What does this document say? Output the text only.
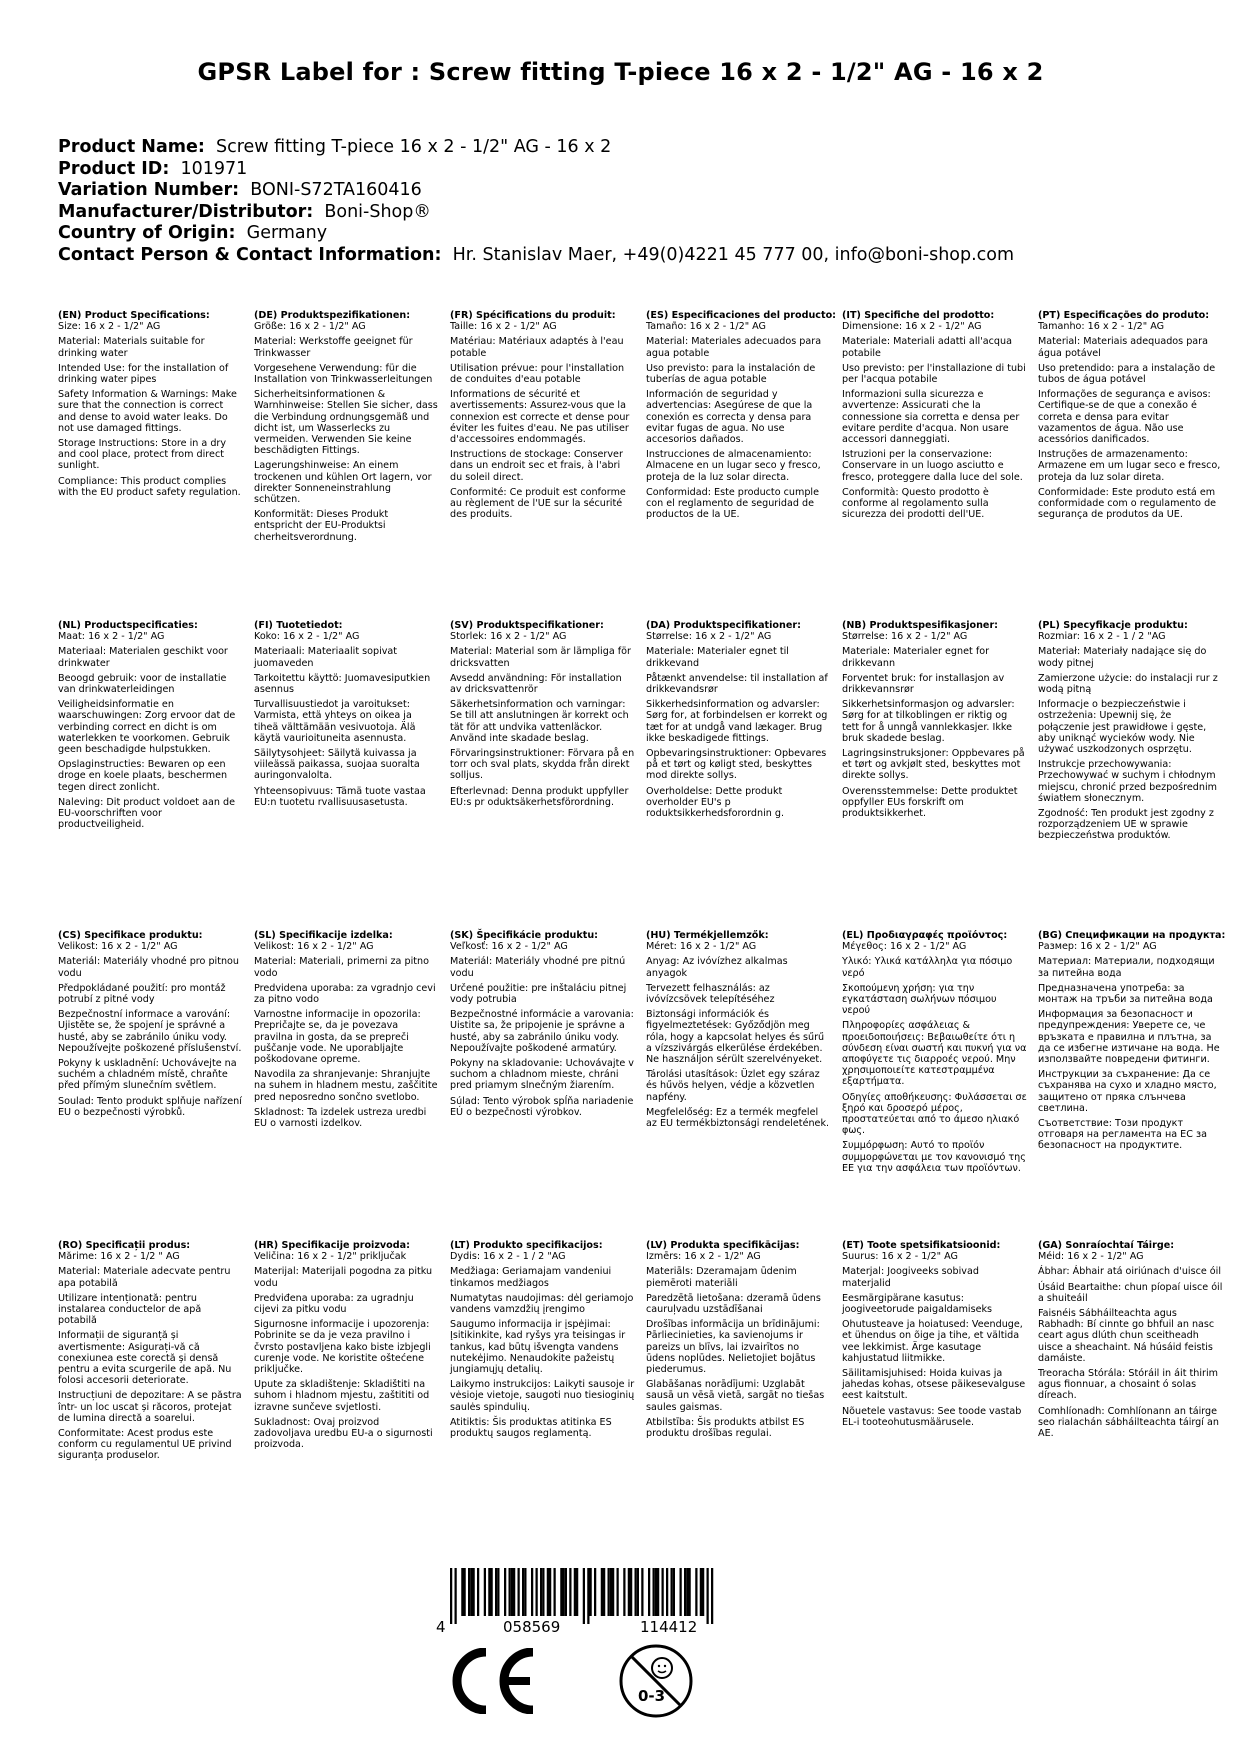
GPSR Label for : Screw fitting T-piece 16 x 2 - 1/2" AG - 16 x 2
Product Name: Screw fitting T-piece 16 x 2 - 1/2" AG - 16 x 2
Product ID: 101971
Variation Number: BONI-S72TA160416
Manufacturer/Distributor: Boni-Shop®
Country of Origin: Germany
Contact Person & Contact Information: Hr. Stanislav Maer, +49(0)4221 45 777 00, info@boni-shop.com
(EN) Product Specifications:
Size: 16 x 2 - 1/2" AG
Material: Materials suitable for drinking water
Intended Use: for the installation of drinking water pipes
Safety Information & Warnings: Make sure that the connection is correct and dense to avoid water leaks. Do not use damaged fittings.
Storage Instructions: Store in a dry and cool place, protect from direct sunlight.
Compliance: This product complies with the EU product safety regulation.
(DE) Produktspezifikationen:
Größe: 16 x 2 - 1/2" AG
Material: Werkstoffe geeignet für Trinkwasser
Vorgesehene Verwendung: für die Installation von Trinkwasserleitungen
Sicherheitsinformationen & Warnhinweise: Stellen Sie sicher, dass die Verbindung ordnungsgemäß und dicht ist, um Wasserlecks zu vermeiden. Verwenden Sie keine beschädigten Fittings.
Lagerungshinweise: An einem trockenen und kühlen Ort lagern, vor direkter Sonneneinstrahlung schützen.
Konformität: Dieses Produkt entspricht der EU-Produktsi cherheitsverordnung.
(FR) Spécifications du produit:
Taille: 16 x 2 - 1/2" AG
Matériau: Matériaux adaptés à l'eau potable
Utilisation prévue: pour l'installation de conduites d'eau potable
Informations de sécurité et avertissements: Assurez-vous que la connexion est correcte et dense pour éviter les fuites d'eau. Ne pas utiliser d'accessoires endommagés.
Instructions de stockage: Conserver dans un endroit sec et frais, à l'abri du soleil direct.
Conformité: Ce produit est conforme au règlement de l'UE sur la sécurité des produits.
(ES) Especificaciones del producto:
Tamaño: 16 x 2 - 1/2" AG
Material: Materiales adecuados para agua potable
Uso previsto: para la instalación de tuberías de agua potable
Información de seguridad y advertencias: Asegúrese de que la conexión es correcta y densa para evitar fugas de agua. No use accesorios dañados.
Instrucciones de almacenamiento: Almacene en un lugar seco y fresco, proteja de la luz solar directa.
Conformidad: Este producto cumple con el reglamento de seguridad de productos de la UE.
(IT) Specifiche del prodotto:
Dimensione: 16 x 2 - 1/2" AG
Materiale: Materiali adatti all'acqua potabile
Uso previsto: per l'installazione di tubi per l'acqua potabile
Informazioni sulla sicurezza e avvertenze: Assicurati che la connessione sia corretta e densa per evitare perdite d'acqua. Non usare accessori danneggiati.
Istruzioni per la conservazione: Conservare in un luogo asciutto e fresco, proteggere dalla luce del sole.
Conformità: Questo prodotto è conforme al regolamento sulla sicurezza dei prodotti dell'UE.
(PT) Especificações do produto:
Tamanho: 16 x 2 - 1/2" AG
Material: Materiais adequados para água potável
Uso pretendido: para a instalação de tubos de água potável
Informações de segurança e avisos: Certifique-se de que a conexão é correta e densa para evitar vazamentos de água. Não use acessórios danificados.
Instruções de armazenamento: Armazene em um lugar seco e fresco, proteja da luz solar direta.
Conformidade: Este produto está em conformidade com o regulamento de segurança de produtos da UE.
(NL) Productspecificaties:
Maat: 16 x 2 - 1/2" AG
Materiaal: Materialen geschikt voor drinkwater
Beoogd gebruik: voor de installatie van drinkwaterleidingen
Veiligheidsinformatie en waarschuwingen: Zorg ervoor dat de verbinding correct en dicht is om waterlekken te voorkomen. Gebruik geen beschadigde hulpstukken.
Opslaginstructies: Bewaren op een droge en koele plaats, beschermen tegen direct zonlicht.
Naleving: Dit product voldoet aan de EU-voorschriften voor productveiligheid.
(FI) Tuotetiedot:
Koko: 16 x 2 - 1/2" AG
Materiaali: Materiaalit sopivat juomaveden
Tarkoitettu käyttö: Juomavesiputkien asennus
Turvallisuustiedot ja varoitukset: Varmista, että yhteys on oikea ja tiheä välttämään vesivuotoja. Älä käytä vaurioituneita asennusta.
Säilytysohjeet: Säilytä kuivassa ja viileässä paikassa, suojaa suoralta auringonvalolta.
Yhteensopivuus: Tämä tuote vastaa EU:n tuotetu rvallisuusasetusta.
(SV) Produktspecifikationer:
Storlek: 16 x 2 - 1/2" AG
Material: Material som är lämpliga för dricksvatten
Avsedd användning: För installation av dricksvattenrör
Säkerhetsinformation och varningar: Se till att anslutningen är korrekt och tät för att undvika vattenläckor. Använd inte skadade beslag.
Förvaringsinstruktioner: Förvara på en torr och sval plats, skydda från direkt solljus.
Efterlevnad: Denna produkt uppfyller EU:s pr oduktsäkerhetsförordning.
(DA) Produktspecifikationer:
Størrelse: 16 x 2 - 1/2" AG
Materiale: Materialer egnet til drikkevand
Påtænkt anvendelse: til installation af drikkevandsrør
Sikkerhedsinformation og advarsler: Sørg for, at forbindelsen er korrekt og tæt for at undgå vand lækager. Brug ikke beskadigede fittings.
Opbevaringsinstruktioner: Opbevares på et tørt og køligt sted, beskyttes mod direkte sollys.
Overholdelse: Dette produkt overholder EU's p roduktsikkerhedsforordnin g.
(NB) Produktspesifikasjoner:
Størrelse: 16 x 2 - 1/2" AG
Materiale: Materialer egnet for drikkevann
Forventet bruk: for installasjon av drikkevannsrør
Sikkerhetsinformasjon og advarsler: Sørg for at tilkoblingen er riktig og tett for å unngå vannlekkasjer. Ikke bruk skadede beslag.
Lagringsinstruksjoner: Oppbevares på et tørt og avkjølt sted, beskyttes mot direkte sollys.
Overensstemmelse: Dette produktet oppfyller EUs forskrift om produktsikkerhet.
(PL) Specyfikacje produktu:
Rozmiar: 16 x 2 - 1 / 2 "AG
Materiał: Materiały nadające się do wody pitnej
Zamierzone użycie: do instalacji rur z wodą pitną
Informacje o bezpieczeństwie i ostrzeżenia: Upewnij się, że połączenie jest prawidłowe i gęste, aby uniknąć wycieków wody. Nie używać uszkodzonych osprzętu.
Instrukcje przechowywania: Przechowywać w suchym i chłodnym miejscu, chronić przed bezpośrednim światłem słonecznym.
Zgodność: Ten produkt jest zgodny z rozporządzeniem UE w sprawie bezpieczeństwa produktów.
(CS) Specifikace produktu:
Velikost: 16 x 2 - 1/2" AG
Materiál: Materiály vhodné pro pitnou vodu
Předpokládané použití: pro montáž potrubí z pitné vody
Bezpečnostní informace a varování: Ujistěte se, že spojení je správné a husté, aby se zabránilo úniku vody. Nepoužívejte poškozené příslušenství.
Pokyny k uskladnění: Uchovávejte na suchém a chladném místě, chraňte před přímým slunečním světlem.
Soulad: Tento produkt splňuje nařízení EU o bezpečnosti výrobků.
(SL) Specifikacije izdelka:
Velikost: 16 x 2 - 1/2" AG
Material: Materiali, primerni za pitno vodo
Predvidena uporaba: za vgradnjo cevi za pitno vodo
Varnostne informacije in opozorila: Prepričajte se, da je povezava pravilna in gosta, da se prepreči puščanje vode. Ne uporabljajte poškodovane opreme.
Navodila za shranjevanje: Shranjujte na suhem in hladnem mestu, zaščitite pred neposredno sončno svetlobo.
Skladnost: Ta izdelek ustreza uredbi EU o varnosti izdelkov.
(SK) Špecifikácie produktu:
Veľkosť: 16 x 2 - 1/2" AG
Materiál: Materiály vhodné pre pitnú vodu
Určené použitie: pre inštaláciu pitnej vody potrubia
Bezpečnostné informácie a varovania: Uistite sa, že pripojenie je správne a husté, aby sa zabránilo úniku vody. Nepoužívajte poškodené armatúry.
Pokyny na skladovanie: Uchovávajte v suchom a chladnom mieste, chráni pred priamym slnečným žiarením.
Súlad: Tento výrobok spĺňa nariadenie EÚ o bezpečnosti výrobkov.
(HU) Termékjellemzők:
Méret: 16 x 2 - 1/2" AG
Anyag: Az ivóvízhez alkalmas anyagok
Tervezett felhasználás: az ivóvízcsövek telepítéséhez
Biztonsági információk és figyelmeztetések: Győződjön meg róla, hogy a kapcsolat helyes és sűrű a vízszivárgás elkerülése érdekében. Ne használjon sérült szerelvényeket.
Tárolási utasítások: Üzlet egy száraz és hűvös helyen, védje a közvetlen napfény.
Megfelelőség: Ez a termék megfelel az EU termékbiztonsági rendeletének.
(EL) Προδιαγραφές προϊόντος:
Μέγεθος: 16 x 2 - 1/2" AG
Υλικό: Υλικά κατάλληλα για πόσιμο νερό
Σκοπούμενη χρήση: για την εγκατάσταση σωλήνων πόσιμου νερού
Πληροφορίες ασφάλειας & προειδοποιήσεις: Βεβαιωθείτε ότι η σύνδεση είναι σωστή και πυκνή για να αποφύγετε τις διαρροές νερού. Μην χρησιμοποιείτε κατεστραμμένα εξαρτήματα.
Οδηγίες αποθήκευσης: Φυλάσσεται σε ξηρό και δροσερό μέρος, προστατεύεται από το άμεσο ηλιακό φως.
Συμμόρφωση: Αυτό το προϊόν συμμορφώνεται με τον κανονισμό της ΕΕ για την ασφάλεια των προϊόντων.
(BG) Спецификации на продукта:
Размер: 16 x 2 - 1/2" AG
Материал: Материали, подходящи за питейна вода
Предназначена употреба: за монтаж на тръби за питейна вода
Информация за безопасност и предупреждения: Уверете се, че връзката е правилна и плътна, за да се избегне изтичане на вода. Не използвайте повредени фитинги.
Инструкции за съхранение: Да се съхранява на сухо и хладно място, защитено от пряка слънчева светлина.
Съответствие: Този продукт отговаря на регламента на ЕС за безопасност на продуктите.
(RO) Specificații produs:
Mărime: 16 x 2 - 1/2 " AG
Material: Materiale adecvate pentru apa potabilă
Utilizare intenționată: pentru instalarea conductelor de apă potabilă
Informații de siguranță și avertismente: Asigurați-vă că conexiunea este corectă și densă pentru a evita scurgerile de apă. Nu folosi accesorii deteriorate.
Instrucțiuni de depozitare: A se păstra într- un loc uscat și răcoros, protejat de lumina directă a soarelui.
Conformitate: Acest produs este conform cu regulamentul UE privind siguranța produselor.
(HR) Specifikacije proizvoda:
Veličina: 16 x 2 - 1/2" priključak
Materijal: Materijali pogodna za pitku vodu
Predviđena uporaba: za ugradnju cijevi za pitku vodu
Sigurnosne informacije i upozorenja: Pobrinite se da je veza pravilno i čvrsto postavljena kako biste izbjegli curenje vode. Ne koristite oštećene priključke.
Upute za skladištenje: Skladištiti na suhom i hladnom mjestu, zaštititi od izravne sunčeve svjetlosti.
Sukladnost: Ovaj proizvod zadovoljava uredbu EU-a o sigurnosti proizvoda.
(LT) Produkto specifikacijos:
Dydis: 16 x 2 - 1 / 2 "AG
Medžiaga: Geriamajam vandeniui tinkamos medžiagos
Numatytas naudojimas: dėl geriamojo vandens vamzdžių įrengimo
Saugumo informacija ir įspėjimai: Įsitikinkite, kad ryšys yra teisingas ir tankus, kad būtų išvengta vandens nutekėjimo. Nenaudokite pažeistų jungiamųjų detalių.
Laikymo instrukcijos: Laikyti sausoje ir vėsioje vietoje, saugoti nuo tiesioginių saulės spindulių.
Atitiktis: Šis produktas atitinka ES produktų saugos reglamentą.
(LV) Produkta specifikācijas:
Izmērs: 16 x 2 - 1/2" AG
Materiāls: Dzeramajam ūdenim piemēroti materiāli
Paredzētā lietošana: dzeramā ūdens cauruļvadu uzstādīšanai
Drošības informācija un brīdinājumi: Pārliecinieties, ka savienojums ir pareizs un blīvs, lai izvairītos no ūdens noplūdes. Nelietojiet bojātus piederumus.
Glabāšanas norādījumi: Uzglabāt sausā un vēsā vietā, sargāt no tiešas saules gaismas.
Atbilstība: Šis produkts atbilst ES produktu drošības regulai.
(ET) Toote spetsifikatsioonid:
Suurus: 16 x 2 - 1/2" AG
Materjal: Joogiveeks sobivad materjalid
Eesmärgipärane kasutus: joogiveetorude paigaldamiseks
Ohutusteave ja hoiatused: Veenduge, et ühendus on õige ja tihe, et vältida vee lekkimist. Ärge kasutage kahjustatud liitmikke.
Säilitamisjuhised: Hoida kuivas ja jahedas kohas, otsese päikesevalguse eest kaitstult.
Nõuetele vastavus: See toode vastab EL-i tooteohutusmäärusele.
(GA) Sonraíochtaí Táirge:
Méid: 16 x 2 - 1/2" AG
Ábhar: Ábhair atá oiriúnach d'uisce óil
Úsáid Beartaithe: chun píopaí uisce óil a shuiteáil
Faisnéis Sábháilteachta agus Rabhadh: Bí cinnte go bhfuil an nasc ceart agus dlúth chun sceitheadh uisce a sheachaint. Ná húsáid feistis damáiste.
Treoracha Stórála: Stóráil in áit thirim agus fionnuar, a chosaint ó solas díreach.
Comhlíonadh: Comhlíonann an táirge seo rialachán sábháilteachta táirgí an AE.
4	058569	114412
0-3
